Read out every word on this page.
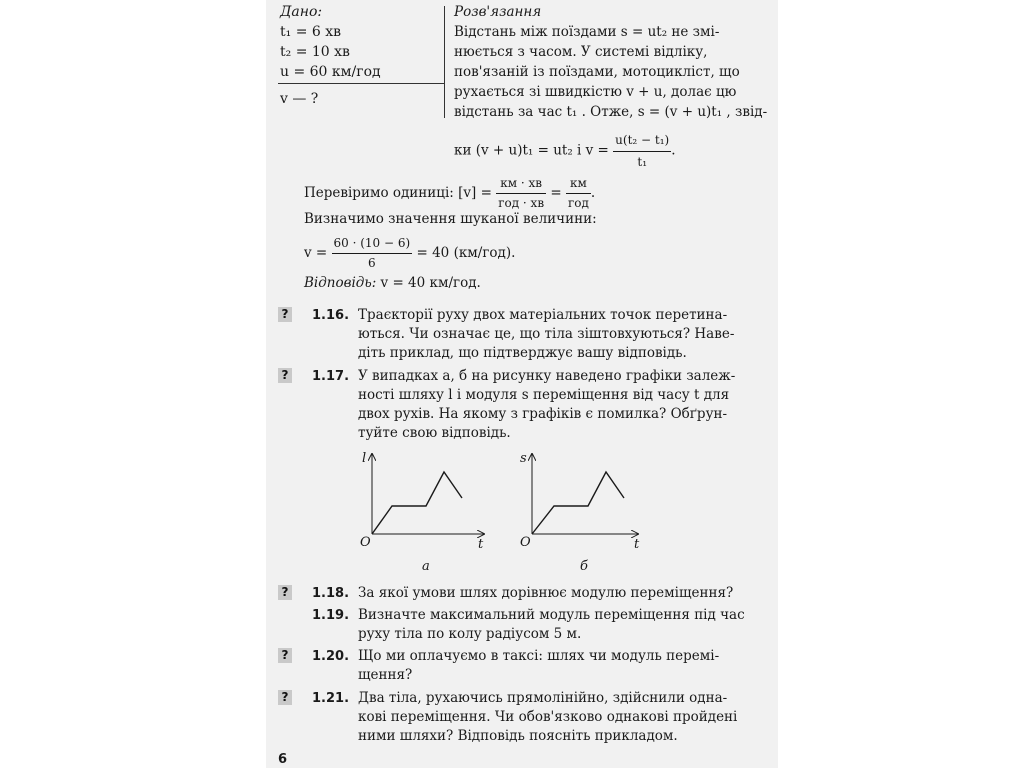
Дано:
t₁ = 6 хв
t₂ = 10 хв
u = 60 км/год
v — ?
Розв'язання
Відстань між поїздами s = ut₂ не змі-
нюється з часом. У системі відліку,
пов'язаній із поїздами, мотоцикліст, що
рухається зі швидкістю v + u, долає цю
відстань за час t₁ . Отже, s = (v + u)t₁ , звід-
ки (v + u)t₁ = ut₂ і $v = \frac{\text{u(t₂ − t₁)}}{\text{t₁}}$ .
Перевіримо одиниці: $[v] = \frac{км \cdot хв}{\text{год · хв}} = \frac{км}{\text{год}}$ .
Визначимо значення шуканої величини:
$v = \frac{60 \cdot (10 - 6)}{6} = 40$ (км/год).
Відповідь: v = 40 км/год.
? 1.16. Траєкторії руху двох матеріальних точок перетина-
ються. Чи означає це, що тіла зіштовхуються? Наве-
діть приклад, що підтверджує вашу відповідь.
? 1.17. У випадках а, б на рисунку наведено графіки залеж-
ності шляху l і модуля s переміщення від часу t для
двох рухів. На якому з графіків є помилка? Обґрун-
туйте свою відповідь.
l
t
O
а
s
t
O
б
? 1.18. За якої умови шлях дорівнює модулю переміщення?
1.19. Визначте максимальний модуль переміщення під час
руху тіла по колу радіусом 5 м.
? 1.20. Що ми оплачуємо в таксі: шлях чи модуль перемі-
щення?
? 1.21. Два тіла, рухаючись прямолінійно, здійснили одна-
кові переміщення. Чи обов'язково однакові пройдені
ними шляхи? Відповідь поясніть прикладом.
6
